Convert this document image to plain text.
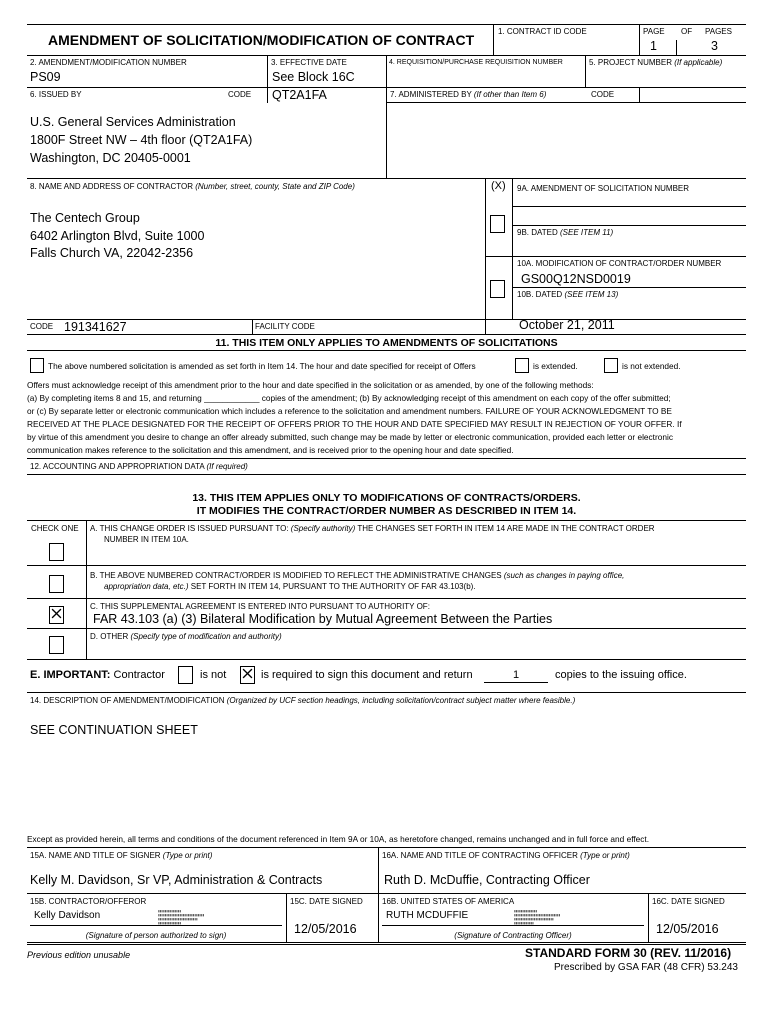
AMENDMENT OF SOLICITATION/MODIFICATION OF CONTRACT
1. CONTRACT ID CODE	PAGE OF PAGES
1	3
2. AMENDMENT/MODIFICATION NUMBER
PS09
3. EFFECTIVE DATE
See Block 16C
4. REQUISITION/PURCHASE REQUISITION NUMBER	5. PROJECT NUMBER (If applicable)
6. ISSUED BY	CODE QT2A1FA	7. ADMINISTERED BY (If other than Item 6)	CODE
U.S. General Services Administration
1800F Street NW – 4th floor (QT2A1FA)
Washington, DC 20405-0001
8. NAME AND ADDRESS OF CONTRACTOR (Number, street, county, State and ZIP Code)	(X) 9A. AMENDMENT OF SOLICITATION NUMBER
The Centech Group
6402 Arlington Blvd, Suite 1000
Falls Church VA, 22042-2356
9B. DATED (SEE ITEM 11)
10A. MODIFICATION OF CONTRACT/ORDER NUMBER
GS00Q12NSD0019
10B. DATED (SEE ITEM 13)
October 21, 2011
CODE 191341627	FACILITY CODE
11. THIS ITEM ONLY APPLIES TO AMENDMENTS OF SOLICITATIONS
The above numbered solicitation is amended as set forth in Item 14. The hour and date specified for receipt of Offers	is extended.	is not extended.
Offers must acknowledge receipt of this amendment prior to the hour and date specified in the solicitation or as amended, by one of the following methods:
(a) By completing items 8 and 15, and returning ____________ copies of the amendment; (b) By acknowledging receipt of this amendment on each copy of the offer submitted;
or (c) By separate letter or electronic communication which includes a reference to the solicitation and amendment numbers. FAILURE OF YOUR ACKNOWLEDGMENT TO BE
RECEIVED AT THE PLACE DESIGNATED FOR THE RECEIPT OF OFFERS PRIOR TO THE HOUR AND DATE SPECIFIED MAY RESULT IN REJECTION OF YOUR OFFER. If
by virtue of this amendment you desire to change an offer already submitted, such change may be made by letter or electronic communication, provided each letter or electronic
communication makes reference to the solicitation and this amendment, and is received prior to the opening hour and date specified.
12. ACCOUNTING AND APPROPRIATION DATA (If required)
13. THIS ITEM APPLIES ONLY TO MODIFICATIONS OF CONTRACTS/ORDERS.
IT MODIFIES THE CONTRACT/ORDER NUMBER AS DESCRIBED IN ITEM 14.
CHECK ONE A. THIS CHANGE ORDER IS ISSUED PURSUANT TO: (Specify authority) THE CHANGES SET FORTH IN ITEM 14 ARE MADE IN THE CONTRACT ORDER
NUMBER IN ITEM 10A.
B. THE ABOVE NUMBERED CONTRACT/ORDER IS MODIFIED TO REFLECT THE ADMINISTRATIVE CHANGES (such as changes in paying office,
appropriation data, etc.) SET FORTH IN ITEM 14, PURSUANT TO THE AUTHORITY OF FAR 43.103(b).
C. THIS SUPPLEMENTAL AGREEMENT IS ENTERED INTO PURSUANT TO AUTHORITY OF:
FAR 43.103 (a) (3) Bilateral Modification by Mutual Agreement Between the Parties
D. OTHER (Specify type of modification and authority)
E. IMPORTANT: Contractor	is not	is required to sign this document and return	1	copies to the issuing office.
14. DESCRIPTION OF AMENDMENT/MODIFICATION (Organized by UCF section headings, including solicitation/contract subject matter where feasible.)
SEE CONTINUATION SHEET
Except as provided herein, all terms and conditions of the document referenced in Item 9A or 10A, as heretofore changed, remains unchanged and in full force and effect.
15A. NAME AND TITLE OF SIGNER (Type or print)	16A. NAME AND TITLE OF CONTRACTING OFFICER (Type or print)
Kelly M. Davidson, Sr VP, Administration & Contracts	Ruth D. McDuffie, Contracting Officer
15B. CONTRACTOR/OFFEROR
Kelly Davidson	▮▮▮▮▮▮▮▮▮▮▮▮▮▮
▮▮▮▮▮▮▮▮▮▮▮▮▮▮▮▮▮▮▮▮▮▮▮▮▮▮▮▮
▮▮▮▮▮▮▮▮▮▮▮▮▮▮▮▮▮▮▮▮▮▮▮▮
▮▮▮▮▮▮▮▮▮▮▮▮▮▮
(Signature of person authorized to sign)
15C. DATE SIGNED
12/05/2016
16B. UNITED STATES OF AMERICA
RUTH MCDUFFIE	▮▮▮▮▮▮▮▮▮▮▮▮▮▮
▮▮▮▮▮▮▮▮▮▮▮▮▮▮▮▮▮▮▮▮▮▮▮▮▮▮▮▮
▮▮▮▮▮▮▮▮▮▮▮▮▮▮▮▮▮▮▮▮▮▮▮▮
▮▮▮▮▮▮▮▮▮▮▮▮
(Signature of Contracting Officer)
16C. DATE SIGNED
12/05/2016
Previous edition unusable	STANDARD FORM 30 (REV. 11/2016)
Prescribed by GSA FAR (48 CFR) 53.243
